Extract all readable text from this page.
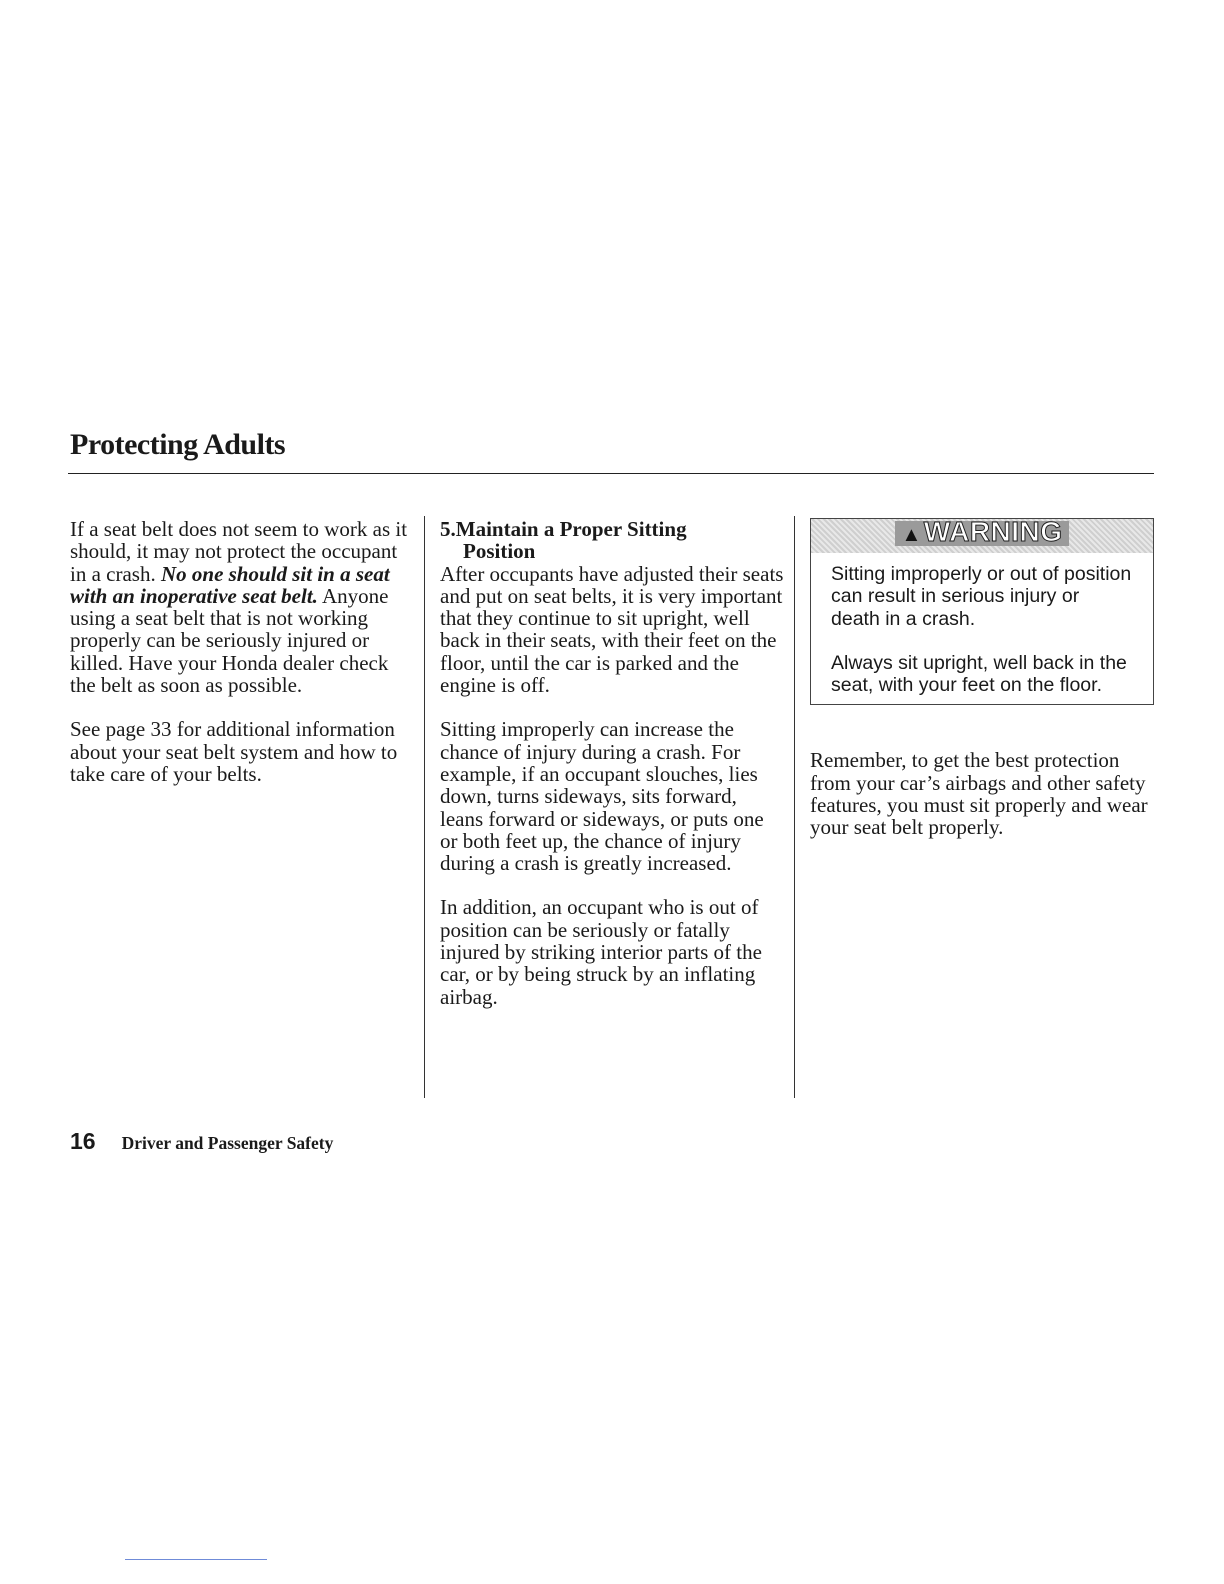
Protecting Adults

If a seat belt does not seem to work as it should, it may not protect the occupant in a crash. No one should sit in a seat with an inoperative seat belt. Anyone using a seat belt that is not working properly can be seriously injured or killed. Have your Honda dealer check the belt as soon as possible.

See page 33 for additional information about your seat belt system and how to take care of your belts.

5.Maintain a Proper Sitting
Position

After occupants have adjusted their seats and put on seat belts, it is very important that they continue to sit upright, well back in their seats, with their feet on the floor, until the car is parked and the engine is off.

Sitting improperly can increase the chance of injury during a crash. For example, if an occupant slouches, lies down, turns sideways, sits forward, leans forward or sideways, or puts one or both feet up, the chance of injury during a crash is greatly increased.

In addition, an occupant who is out of position can be seriously or fatally injured by striking interior parts of the car, or by being struck by an inflating airbag.

▲WARNING

Sitting improperly or out of position can result in serious injury or death in a crash.

Always sit upright, well back in the seat, with your feet on the floor.

Remember, to get the best protection from your car’s airbags and other safety features, you must sit properly and wear your seat belt properly.

16 Driver and Passenger Safety
